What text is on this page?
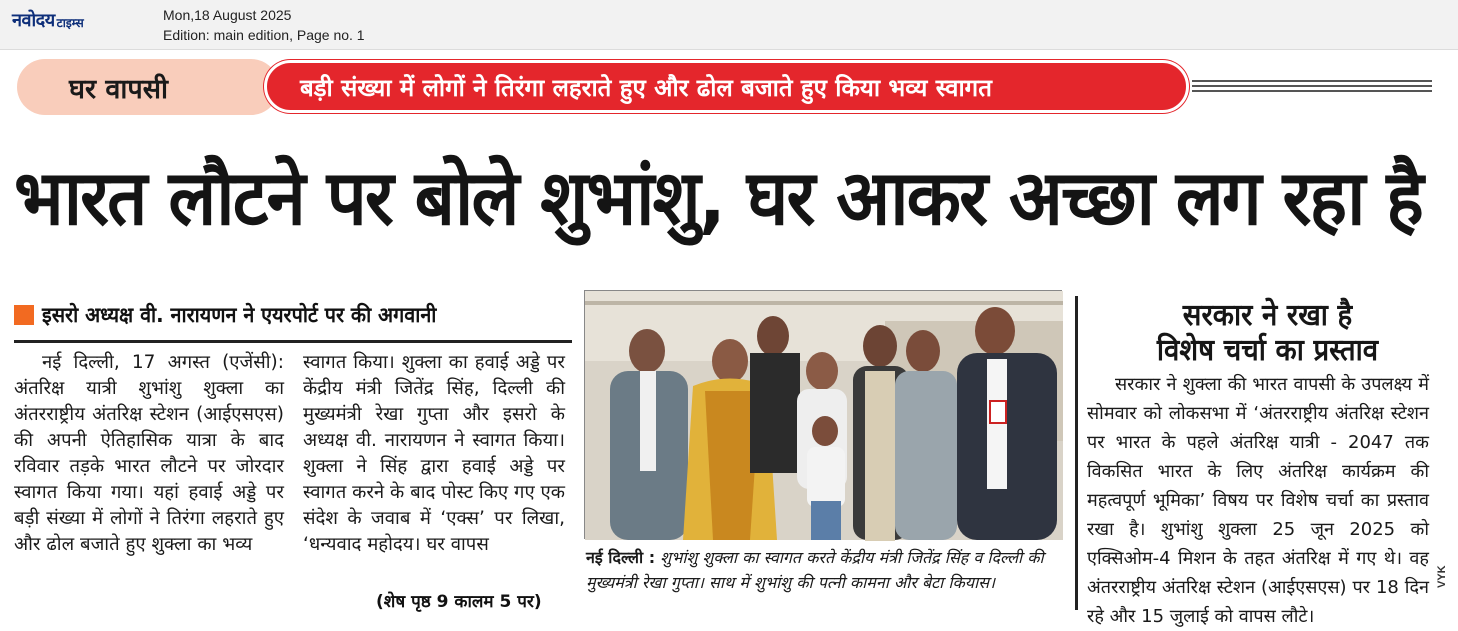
नवोदय टाइम्स	Mon,18 August 2025
Edition: main edition, Page no. 1
घर वापसी	बड़ी संख्या में लोगों ने तिरंगा लहराते हुए और ढोल बजाते हुए किया भव्य स्वागत
भारत लौटने पर बोले शुभांशु, घर आकर अच्छा लग रहा है
इसरो अध्यक्ष वी. नारायणन ने एयरपोर्ट पर की अगवानी

नई दिल्ली, 17 अगस्त (एजेंसी): अंतरिक्ष यात्री शुभांशु शुक्ला का अंतरराष्ट्रीय अंतरिक्ष स्टेशन (आईएसएस) की अपनी ऐतिहासिक यात्रा के बाद रविवार तड़के भारत लौटने पर जोरदार स्वागत किया गया। यहां हवाई अड्डे पर बड़ी संख्या में लोगों ने तिरंगा लहराते हुए और ढोल बजाते हुए शुक्ला का भव्य

स्वागत किया। शुक्ला का हवाई अड्डे पर केंद्रीय मंत्री जितेंद्र सिंह, दिल्ली की मुख्यमंत्री रेखा गुप्ता और इसरो के अध्यक्ष वी. नारायणन ने स्वागत किया। शुक्ला ने सिंह द्वारा हवाई अड्डे पर स्वागत करने के बाद पोस्ट किए गए एक संदेश के जवाब में ‘एक्स’ पर लिखा, ‘धन्यवाद महोदय। घर वापस

(शेष पृष्ठ 9 कालम 5 पर)
नई दिल्ली : शुभांशु शुक्ला का स्वागत करते केंद्रीय मंत्री जितेंद्र सिंह व दिल्ली की मुख्यमंत्री रेखा गुप्ता। साथ में शुभांशु की पत्नी कामना और बेटा कियास।
सरकार ने रखा है
विशेष चर्चा का प्रस्ताव
सरकार ने शुक्ला की भारत वापसी के उपलक्ष्य में सोमवार को लोकसभा में ‘अंतरराष्ट्रीय अंतरिक्ष स्टेशन पर भारत के पहले अंतरिक्ष यात्री - 2047 तक विकसित भारत के लिए अंतरिक्ष कार्यक्रम की महत्वपूर्ण भूमिका’ विषय पर विशेष चर्चा का प्रस्ताव रखा है। शुभांशु शुक्ला 25 जून 2025 को एक्सिओम-4 मिशन के तहत अंतरिक्ष में गए थे। वह अंतरराष्ट्रीय अंतरिक्ष स्टेशन (आईएसएस) पर 18 दिन रहे और 15 जुलाई को वापस लौटे।
VYK
